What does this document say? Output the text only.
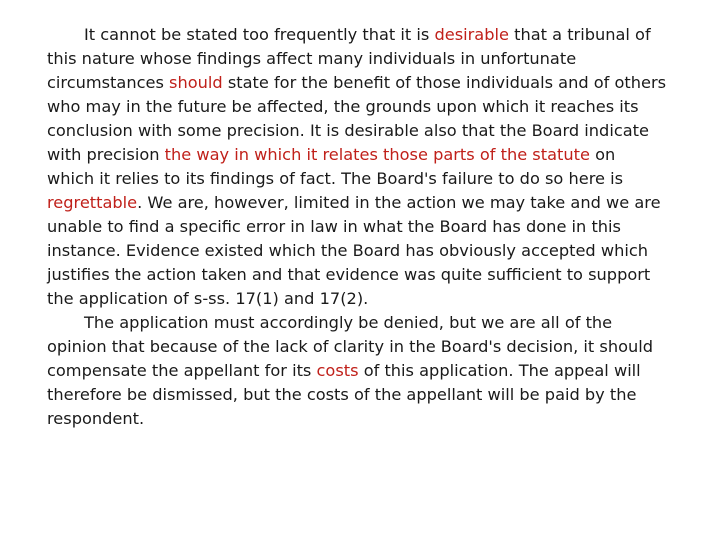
It cannot be stated too frequently that it is desirable that a tribunal of this nature whose findings affect many individuals in unfortunate circumstances should state for the benefit of those individuals and of others who may in the future be affected, the grounds upon which it reaches its conclusion with some precision. It is desirable also that the Board indicate with precision the way in which it relates those parts of the statute on which it relies to its findings of fact. The Board's failure to do so here is regrettable. We are, however, limited in the action we may take and we are unable to find a specific error in law in what the Board has done in this instance. Evidence existed which the Board has obviously accepted which justifies the action taken and that evidence was quite sufficient to support the application of s-ss. 17(1) and 17(2).

The application must accordingly be denied, but we are all of the opinion that because of the lack of clarity in the Board's decision, it should compensate the appellant for its costs of this application. The appeal will therefore be dismissed, but the costs of the appellant will be paid by the respondent.
